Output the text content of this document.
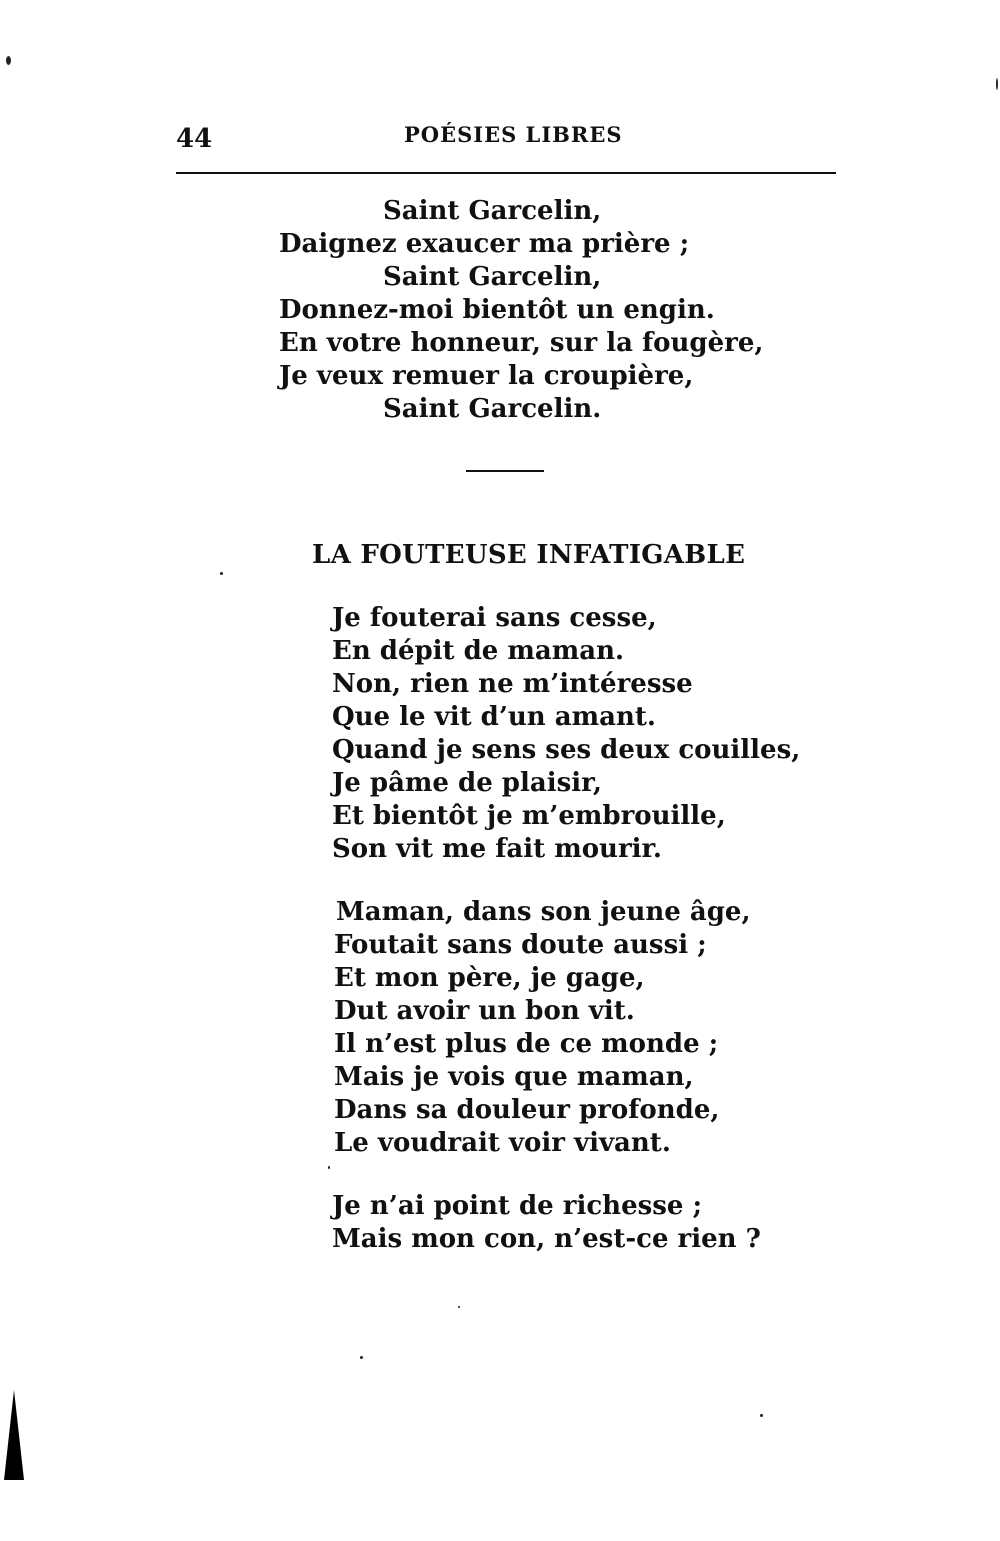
44	POÉSIES LIBRES
Saint Garcelin,
Daignez exaucer ma prière ;
Saint Garcelin,
Donnez-moi bientôt un engin.
En votre honneur, sur la fougère,
Je veux remuer la croupière,
Saint Garcelin.
LA FOUTEUSE INFATIGABLE
Je fouterai sans cesse,
En dépit de maman.
Non, rien ne m’intéresse
Que le vit d’un amant.
Quand je sens ses deux couilles,
Je pâme de plaisir,
Et bientôt je m’embrouille,
Son vit me fait mourir.
Maman, dans son jeune âge,
Foutait sans doute aussi ;
Et mon père, je gage,
Dut avoir un bon vit.
Il n’est plus de ce monde ;
Mais je vois que maman,
Dans sa douleur profonde,
Le voudrait voir vivant.
Je n’ai point de richesse ;
Mais mon con, n’est-ce rien ?
